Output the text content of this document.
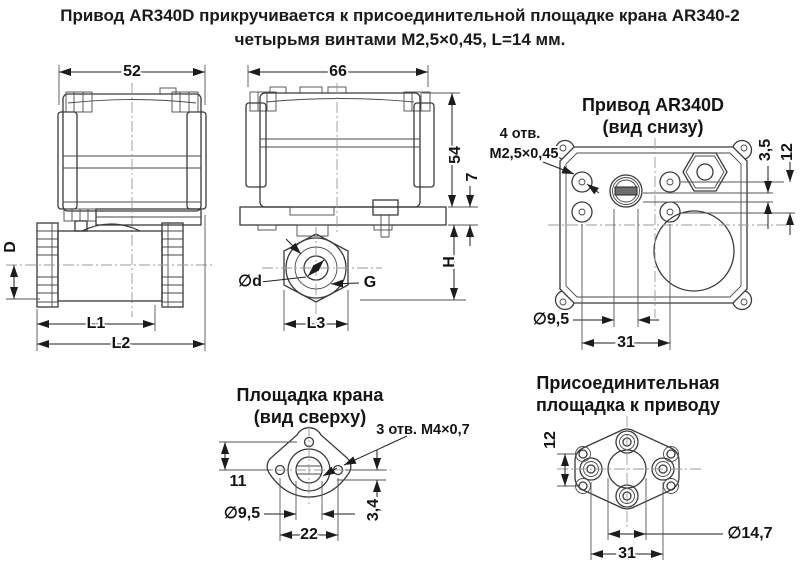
Привод AR340D прикручивается к присоединительной площадке крана AR340-2
четырьмя винтами М2,5×0,45, L=14 мм.
52
D
L1
L2
66
∅d	G
54
7
H
L3
Привод AR340D
(вид снизу)
4 отв.
М2,5×0,45	3,5 12
∅9,5
31
Площадка крана
(вид сверху)
3 отв. М4×0,7
11
∅9,5
22
3,4
Присоединительная
площадка к приводу
12
∅14,7
31
